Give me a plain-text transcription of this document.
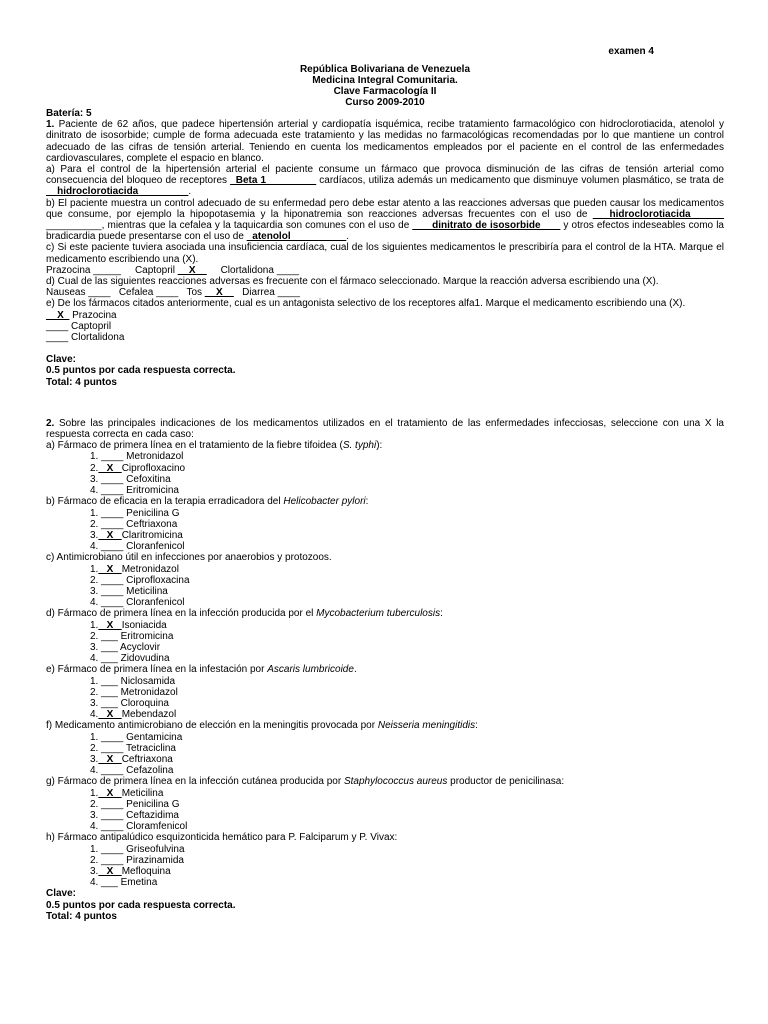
examen 4
República Bolivariana de Venezuela
Medicina Integral Comunitaria.
Clave Farmacología II
Curso 2009-2010
Batería: 5
1. Paciente de 62 años, que padece hipertensión arterial y cardiopatía isquémica, recibe tratamiento farmacológico con hidroclorotiacida, atenolol y dinitrato de isosorbide; cumple de forma adecuada este tratamiento y las medidas no farmacológicas recomendadas por lo que mantiene un control adecuado de las cifras de tensión arterial. Teniendo en cuenta los medicamentos empleados por el paciente en el control de las enfermedades cardiovasculares, complete el espacio en blanco.
a) Para el control de la hipertensión arterial el paciente consume un fármaco que provoca disminución de las cifras de tensión arterial como consecuencia del bloqueo de receptores _Beta 1_________ cardíacos, utiliza además un medicamento que disminuye volumen plasmático, se trata de __hidroclorotiacida_________.
b) El paciente muestra un control adecuado de su enfermedad pero debe estar atento a las reacciones adversas que pueden causar los medicamentos que consume, por ejemplo la hipopotasemia y la hiponatremia son reacciones adversas frecuentes con el uso de ___hidroclorotiacida______ __________, mientras que la cefalea y la taquicardia son comunes con el uso de ___ dinitrato de isosorbide ___ y otros efectos indeseables como la bradicardia puede presentarse con el uso de _atenolol__________.
c) Si este paciente tuviera asociada una insuficiencia cardíaca, cual de los siguientes medicamentos le prescribiría para el control de la HTA. Marque el medicamento escribiendo una (X).
Prazocina _____     Captopril __X__     Clortalidona ____
d) Cual de las siguientes reacciones adversas es frecuente con el fármaco seleccionado. Marque la reacción adversa escribiendo una (X).
Nauseas ____   Cefalea ____   Tos __X__   Diarrea ____
e) De los fármacos citados anteriormente, cual es un antagonista selectivo de los receptores alfa1. Marque el medicamento escribiendo una (X).
__X_ Prazocina
____ Captopril
____ Clortalidona
Clave:
0.5 puntos por cada respuesta correcta.
Total: 4 puntos
2. Sobre las principales indicaciones de los medicamentos utilizados en el tratamiento de las enfermedades infecciosas, seleccione con una X la respuesta correcta en cada caso:
a) Fármaco de primera línea en el tratamiento de la fiebre tifoidea (S. typhi):
1. ____ Metronidazol
2. _X_ Ciprofloxacino
3. ____ Cefoxitina
4. ____ Eritromicina
b) Fármaco de eficacia en la terapia erradicadora del Helicobacter pylori:
1. ____ Penicilina G
2. ____ Ceftriaxona
3. _X_ Claritromicina
4. ____ Cloranfenicol
c) Antimicrobiano útil en infecciones por anaerobios y protozoos.
1. _X_ Metronidazol
2. ____ Ciprofloxacina
3. ____ Meticilina
4. ____ Cloranfenicol
d) Fármaco de primera línea en la infección producida por el Mycobacterium tuberculosis:
1. _X_ Isoniacida
2. ___ Eritromicina
3. ___ Acyclovir
4. ___ Zidovudina
e) Fármaco de primera línea en la infestación por Ascaris lumbricoide.
1. ___ Niclosamida
2. ___ Metronidazol
3. ___ Cloroquina
4. _X_ Mebendazol
f) Medicamento antimicrobiano de elección en la meningitis provocada por Neisseria meningitidis:
1. ____ Gentamicina
2. ____ Tetraciclina
3. _X_ Ceftriaxona
4. ____ Cefazolina
g) Fármaco de primera línea en la infección cutánea producida por Staphylococcus aureus productor de penicilinasa:
1. _X_ Meticilina
2. ____ Penicilina G
3. ____ Ceftazidima
4. ____ Cloramfenicol
h) Fármaco antipalúdico esquizonticida hemático para P. Falciparum y P. Vivax:
1. ____ Griseofulvina
2. ____ Pirazinamida
3. _X_ Mefloquina
4. ___ Emetina
Clave:
0.5 puntos por cada respuesta correcta.
Total: 4 puntos
